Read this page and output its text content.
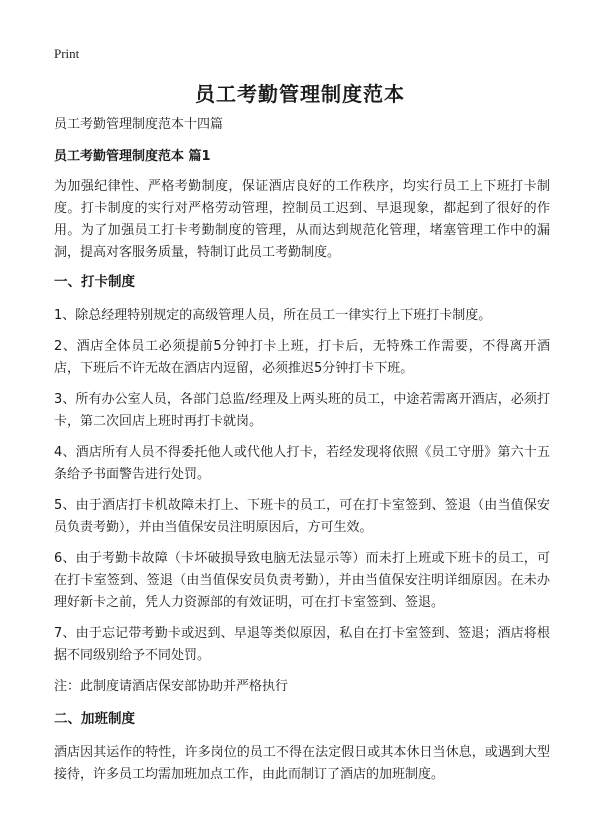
Print
员工考勤管理制度范本

员工考勤管理制度范本十四篇

员工考勤管理制度范本 篇1

为加强纪律性、严格考勤制度，保证酒店良好的工作秩序，均实行员工上下班打卡制度。打卡制度的实行对严格劳动管理，控制员工迟到、早退现象，都起到了很好的作用。为了加强员工打卡考勤制度的管理，从而达到规范化管理，堵塞管理工作中的漏洞，提高对客服务质量，特制订此员工考勤制度。

一、打卡制度

1、除总经理特别规定的高级管理人员，所在员工一律实行上下班打卡制度。

2、酒店全体员工必须提前5分钟打卡上班，打卡后，无特殊工作需要，不得离开酒店，下班后不许无故在酒店内逗留，必须推迟5分钟打卡下班。

3、所有办公室人员，各部门总监/经理及上两头班的员工，中途若需离开酒店，必须打卡，第二次回店上班时再打卡就岗。

4、酒店所有人员不得委托他人或代他人打卡，若经发现将依照《员工守册》第六十五条给予书面警告进行处罚。

5、由于酒店打卡机故障未打上、下班卡的员工，可在打卡室签到、签退（由当值保安员负责考勤），并由当值保安员注明原因后，方可生效。

6、由于考勤卡故障（卡坏破损导致电脑无法显示等）而未打上班或下班卡的员工，可在打卡室签到、签退（由当值保安员负责考勤），并由当值保安注明详细原因。在未办理好新卡之前，凭人力资源部的有效证明，可在打卡室签到、签退。

7、由于忘记带考勤卡或迟到、早退等类似原因，私自在打卡室签到、签退；酒店将根据不同级别给予不同处罚。

注：此制度请酒店保安部协助并严格执行

二、加班制度

酒店因其运作的特性，许多岗位的员工不得在法定假日或其本休日当休息，或遇到大型接待，许多员工均需加班加点工作，由此而制订了酒店的加班制度。
